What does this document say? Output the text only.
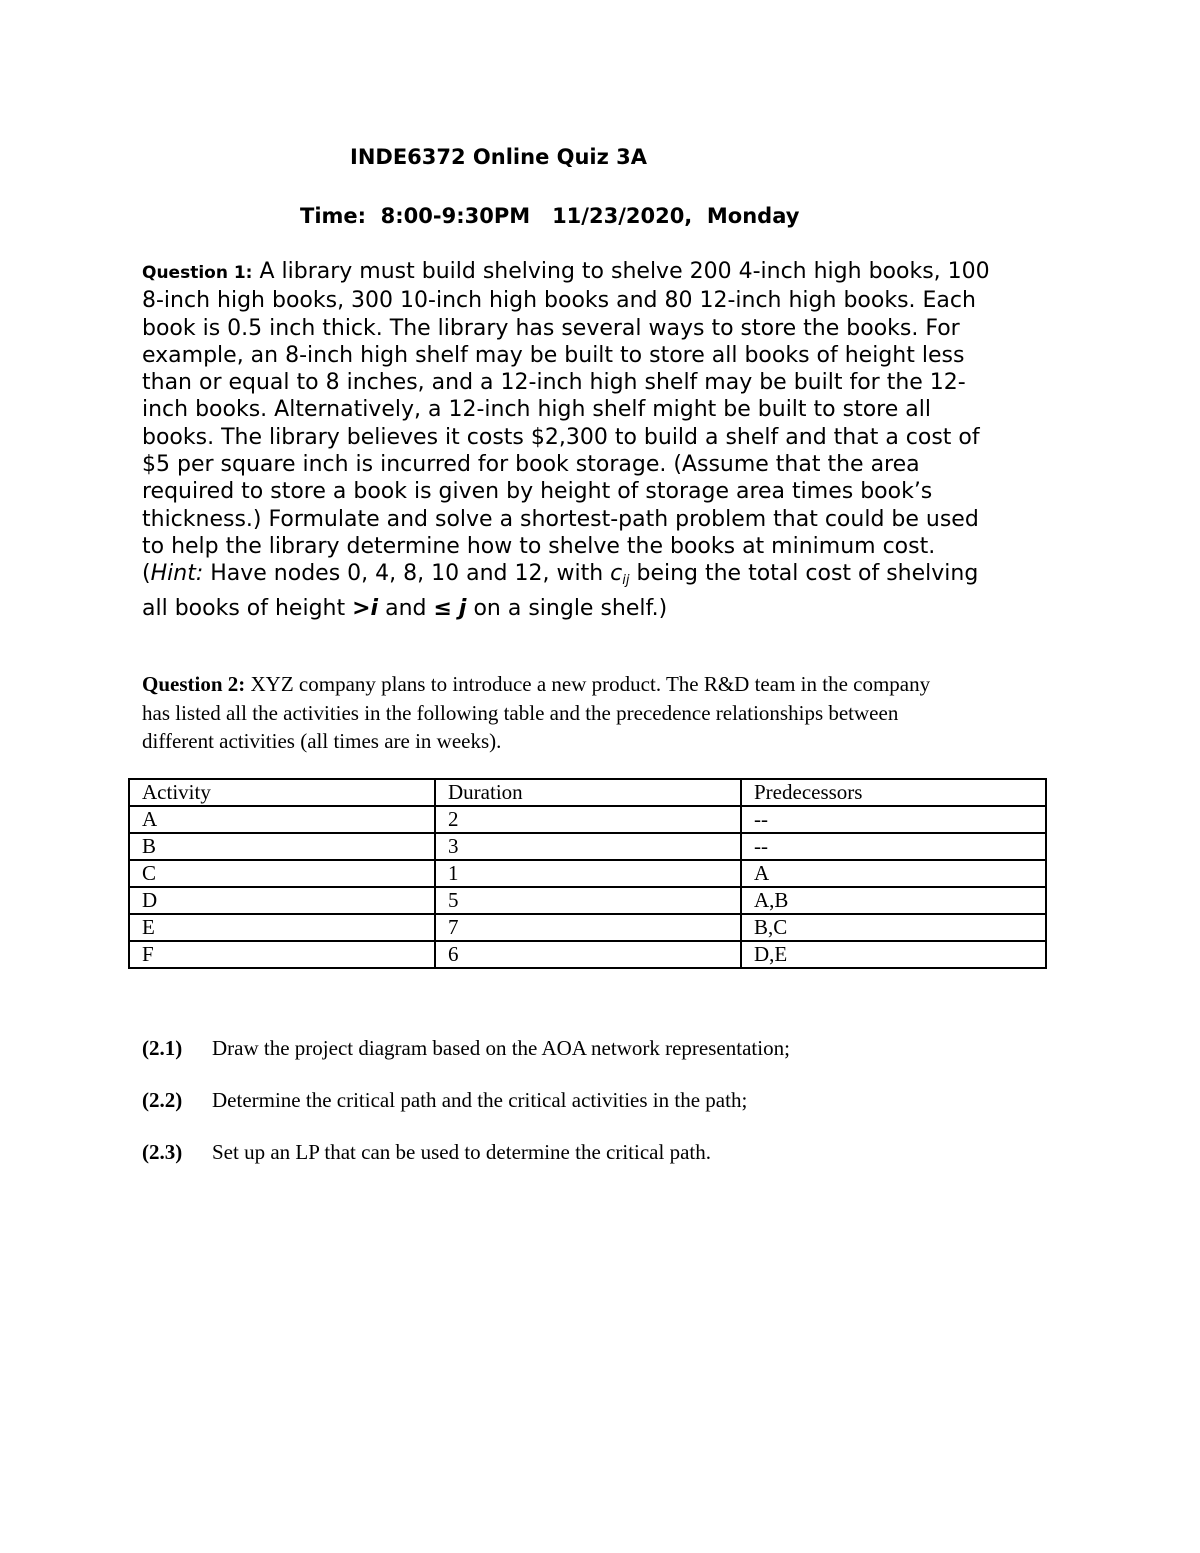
INDE6372 Online Quiz 3A
Time:  8:00-9:30PM   11/23/2020,  Monday

Question 1: A library must build shelving to shelve 200 4-inch high books, 100
8-inch high books, 300 10-inch high books and 80 12-inch high books. Each
book is 0.5 inch thick. The library has several ways to store the books. For
example, an 8-inch high shelf may be built to store all books of height less
than or equal to 8 inches, and a 12-inch high shelf may be built for the 12-
inch books. Alternatively, a 12-inch high shelf might be built to store all
books. The library believes it costs $2,300 to build a shelf and that a cost of
$5 per square inch is incurred for book storage. (Assume that the area
required to store a book is given by height of storage area times book’s
thickness.) Formulate and solve a shortest-path problem that could be used
to help the library determine how to shelve the books at minimum cost.
(Hint: Have nodes 0, 4, 8, 10 and 12, with $c_{ij}$ being the total cost of shelving
all books of height >i and ≤ j on a single shelf.)

Question 2: XYZ company plans to introduce a new product. The R&D team in the company
has listed all the activities in the following table and the precedence relationships between
different activities (all times are in weeks).

Activity	Duration	Predecessors
A	2	--
B	3	--
C	1	A
D	5	A,B
E	7	B,C
F	6	D,E
(2.1) Draw the project diagram based on the AOA network representation;
(2.2) Determine the critical path and the critical activities in the path;
(2.3) Set up an LP that can be used to determine the critical path.
